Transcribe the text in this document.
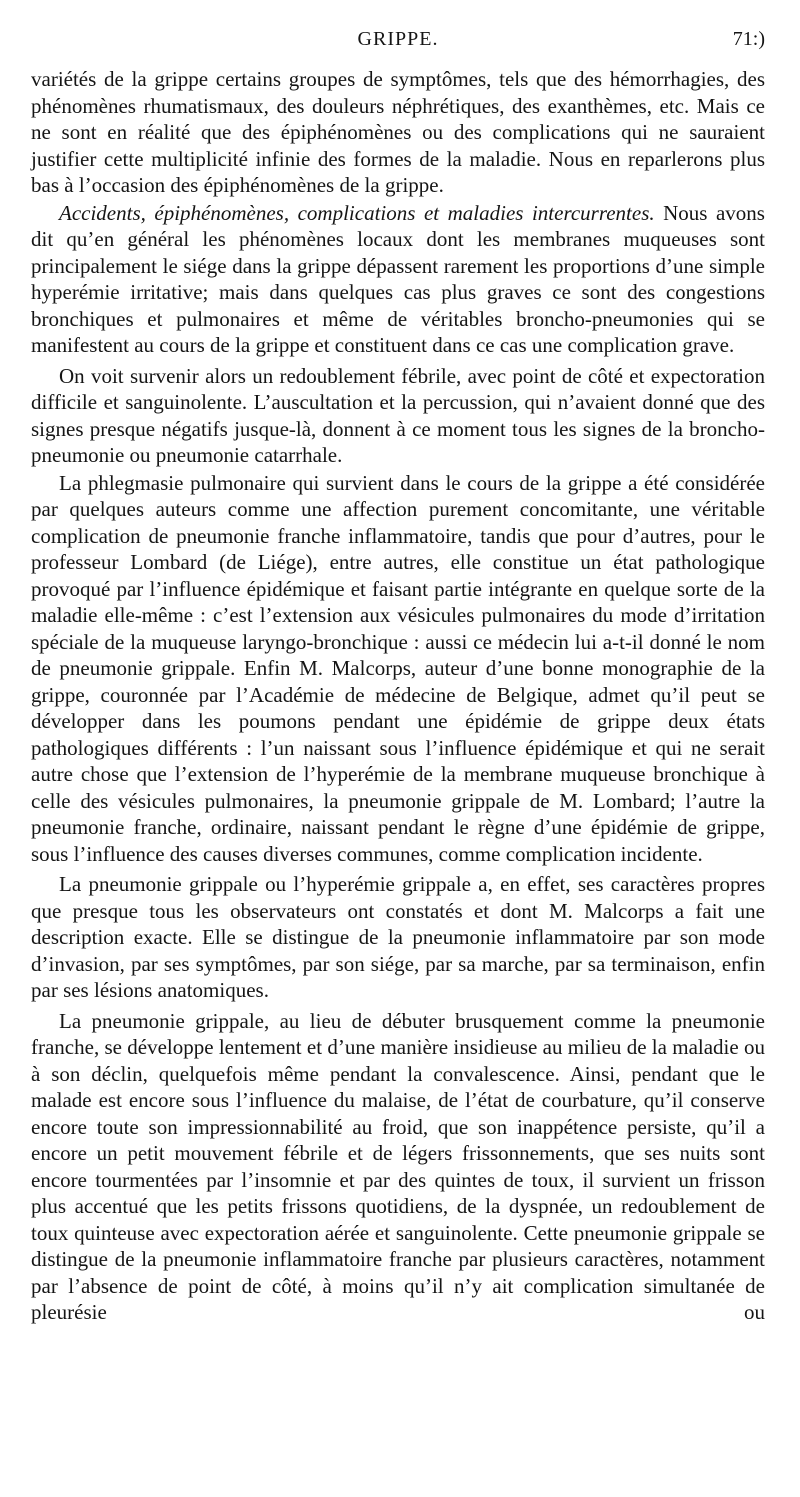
GRIPPE.	71:)

variétés de la grippe certains groupes de symptômes, tels que des hémorrhagies, des phénomènes rhumatismaux, des douleurs néphrétiques, des exanthèmes, etc. Mais ce ne sont en réalité que des épiphénomènes ou des complications qui ne sauraient justifier cette multiplicité infinie des formes de la maladie. Nous en reparlerons plus bas à l’occasion des épiphénomènes de la grippe.

Accidents, épiphénomènes, complications et maladies intercurrentes. Nous avons dit qu’en général les phénomènes locaux dont les membranes muqueuses sont principalement le siége dans la grippe dépassent rarement les proportions d’une simple hyperémie irritative; mais dans quelques cas plus graves ce sont des congestions bronchiques et pulmonaires et même de véritables broncho-pneumonies qui se manifestent au cours de la grippe et constituent dans ce cas une complication grave.

On voit survenir alors un redoublement fébrile, avec point de côté et expectoration difficile et sanguinolente. L’auscultation et la percussion, qui n’avaient donné que des signes presque négatifs jusque-là, donnent à ce moment tous les signes de la broncho-pneumonie ou pneumonie catarrhale.

La phlegmasie pulmonaire qui survient dans le cours de la grippe a été considérée par quelques auteurs comme une affection purement concomitante, une véritable complication de pneumonie franche inflammatoire, tandis que pour d’autres, pour le professeur Lombard (de Liége), entre autres, elle constitue un état pathologique provoqué par l’influence épidémique et faisant partie intégrante en quelque sorte de la maladie elle-même : c’est l’extension aux vésicules pulmonaires du mode d’irritation spéciale de la muqueuse laryngo-bronchique : aussi ce médecin lui a-t-il donné le nom de pneumonie grippale. Enfin M. Malcorps, auteur d’une bonne monographie de la grippe, couronnée par l’Académie de médecine de Belgique, admet qu’il peut se développer dans les poumons pendant une épidémie de grippe deux états pathologiques différents : l’un naissant sous l’influence épidémique et qui ne serait autre chose que l’extension de l’hyperémie de la membrane muqueuse bronchique à celle des vésicules pulmonaires, la pneumonie grippale de M. Lombard; l’autre la pneumonie franche, ordinaire, naissant pendant le règne d’une épidémie de grippe, sous l’influence des causes diverses communes, comme complication incidente.

La pneumonie grippale ou l’hyperémie grippale a, en effet, ses caractères propres que presque tous les observateurs ont constatés et dont M. Malcorps a fait une description exacte. Elle se distingue de la pneumonie inflammatoire par son mode d’invasion, par ses symptômes, par son siége, par sa marche, par sa terminaison, enfin par ses lésions anatomiques.

La pneumonie grippale, au lieu de débuter brusquement comme la pneumonie franche, se développe lentement et d’une manière insidieuse au milieu de la maladie ou à son déclin, quelquefois même pendant la convalescence. Ainsi, pendant que le malade est encore sous l’influence du malaise, de l’état de courbature, qu’il conserve encore toute son impressionnabilité au froid, que son inappétence persiste, qu’il a encore un petit mouvement fébrile et de légers frissonnements, que ses nuits sont encore tourmentées par l’insomnie et par des quintes de toux, il survient un frisson plus accentué que les petits frissons quotidiens, de la dyspnée, un redoublement de toux quinteuse avec expectoration aérée et sanguinolente. Cette pneumonie grippale se distingue de la pneumonie inflammatoire franche par plusieurs caractères, notamment par l’absence de point de côté, à moins qu’il n’y ait complication simultanée de pleurésie ou
